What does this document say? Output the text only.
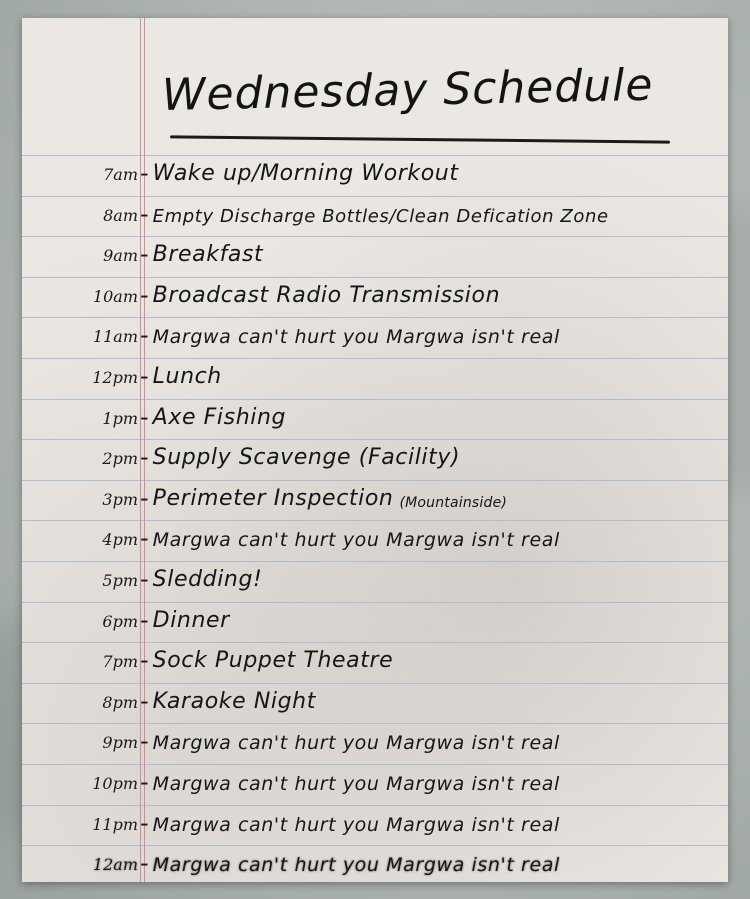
Wednesday Schedule
7am - Wake up/Morning Workout
8am - Empty Discharge Bottles/Clean Defication Zone
9am - Breakfast
10am - Broadcast Radio Transmission
11am - Margwa can't hurt you Margwa isn't real
12pm - Lunch
1pm - Axe Fishing
2pm - Supply Scavenge (Facility)
3pm - Perimeter Inspection (Mountainside)
4pm - Margwa can't hurt you Margwa isn't real
5pm - Sledding!
6pm - Dinner
7pm - Sock Puppet Theatre
8pm - Karaoke Night
9pm - Margwa can't hurt you Margwa isn't real
10pm - Margwa can't hurt you Margwa isn't real
11pm - Margwa can't hurt you Margwa isn't real
12am - Margwa can't hurt you Margwa isn't real
